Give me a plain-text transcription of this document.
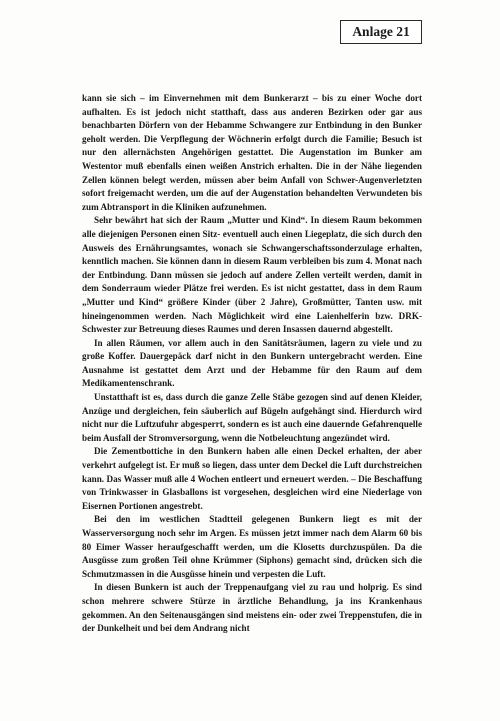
Anlage 21

kann sie sich – im Einvernehmen mit dem Bunkerarzt – bis zu einer Woche dort aufhalten. Es ist jedoch nicht statthaft, dass aus anderen Bezirken oder gar aus benachbarten Dörfern von der Hebamme Schwangere zur Entbindung in den Bunker geholt werden. Die Verpflegung der Wöchnerin erfolgt durch die Familie; Besuch ist nur den allernächsten Angehörigen gestattet. Die Augenstation im Bunker am Westentor muß ebenfalls einen weißen Anstrich erhalten. Die in der Nähe liegenden Zellen können belegt werden, müssen aber beim Anfall von Schwer-Augenverletzten sofort freigemacht werden, um die auf der Augenstation behandelten Verwundeten bis zum Abtransport in die Kliniken aufzunehmen.

Sehr bewährt hat sich der Raum „Mutter und Kind“. In diesem Raum bekommen alle diejenigen Personen einen Sitz- eventuell auch einen Liegeplatz, die sich durch den Ausweis des Ernährungsamtes, wonach sie Schwangerschaftssonderzulage erhalten, kenntlich machen. Sie können dann in diesem Raum verbleiben bis zum 4. Monat nach der Entbindung. Dann müssen sie jedoch auf andere Zellen verteilt werden, damit in dem Sonderraum wieder Plätze frei werden. Es ist nicht gestattet, dass in dem Raum „Mutter und Kind“ größere Kinder (über 2 Jahre), Großmütter, Tanten usw. mit hineingenommen werden. Nach Möglichkeit wird eine Laienhelferin bzw. DRK-Schwester zur Betreuung dieses Raumes und deren Insassen dauernd abgestellt.

In allen Räumen, vor allem auch in den Sanitätsräumen, lagern zu viele und zu große Koffer. Dauergepäck darf nicht in den Bunkern untergebracht werden. Eine Ausnahme ist gestattet dem Arzt und der Hebamme für den Raum auf dem Medikamentenschrank.

Unstatthaft ist es, dass durch die ganze Zelle Stäbe gezogen sind auf denen Kleider, Anzüge und dergleichen, fein säuberlich auf Bügeln aufgehängt sind. Hierdurch wird nicht nur die Luftzufuhr abgesperrt, sondern es ist auch eine dauernde Gefahrenquelle beim Ausfall der Stromversorgung, wenn die Notbeleuchtung angezündet wird.

Die Zementbottiche in den Bunkern haben alle einen Deckel erhalten, der aber verkehrt aufgelegt ist. Er muß so liegen, dass unter dem Deckel die Luft durchstreichen kann. Das Wasser muß alle 4 Wochen entleert und erneuert werden. – Die Beschaffung von Trinkwasser in Glasballons ist vorgesehen, desgleichen wird eine Niederlage von Eisernen Portionen angestrebt.

Bei den im westlichen Stadtteil gelegenen Bunkern liegt es mit der Wasserversorgung noch sehr im Argen. Es müssen jetzt immer nach dem Alarm 60 bis 80 Eimer Wasser heraufgeschafft werden, um die Klosetts durchzuspülen. Da die Ausgüsse zum großen Teil ohne Krümmer (Siphons) gemacht sind, drücken sich die Schmutzmassen in die Ausgüsse hinein und verpesten die Luft.

In diesen Bunkern ist auch der Treppenaufgang viel zu rau und holprig. Es sind schon mehrere schwere Stürze in ärztliche Behandlung, ja ins Krankenhaus gekommen. An den Seitenausgängen sind meistens ein- oder zwei Treppenstufen, die in der Dunkelheit und bei dem Andrang nicht
